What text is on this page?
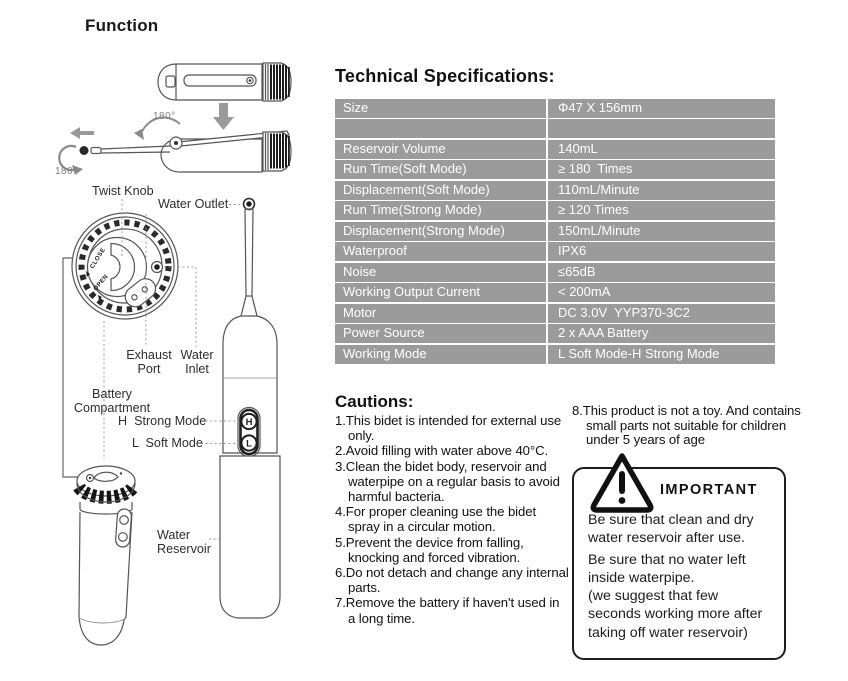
Function
Technical Specifications:
CLOSE
OPEN
H
L
180°
180°
Twist Knob
Water Outlet
Exhaust Port
Water Inlet
Battery Compartment
H  Strong Mode
L  Soft Mode
Water Reservoir
Size	Φ47 X 156mm
Reservoir Volume	140mL
Run Time(Soft Mode)	≥ 180  Times
Displacement(Soft Mode)	110mL/Minute
Run Time(Strong Mode)	≥ 120 Times
Displacement(Strong Mode)	150mL/Minute
Waterproof	IPX6
Noise	≤65dB
Working Output Current	< 200mA
Motor	DC 3.0V  YYP370-3C2
Power Source	2 x AAA Battery
Working Mode	L Soft Mode-H Strong Mode
Cautions:
1.This bidet is intended for external use only.
2.Avoid filling with water above 40°C.
3.Clean the bidet body, reservoir and waterpipe on a regular basis to avoid harmful bacteria.
4.For proper cleaning use the bidet spray in a circular motion.
5.Prevent the device from falling, knocking and forced vibration.
6.Do not detach and change any internal parts.
7.Remove the battery if haven't used in a long time.
8.This product is not a toy. And contains small parts not suitable for children under 5 years of age
IMPORTANT

Be sure that clean and dry water reservoir after use.

Be sure that no water left inside waterpipe.

(we suggest that few seconds working more after taking off water reservoir)
